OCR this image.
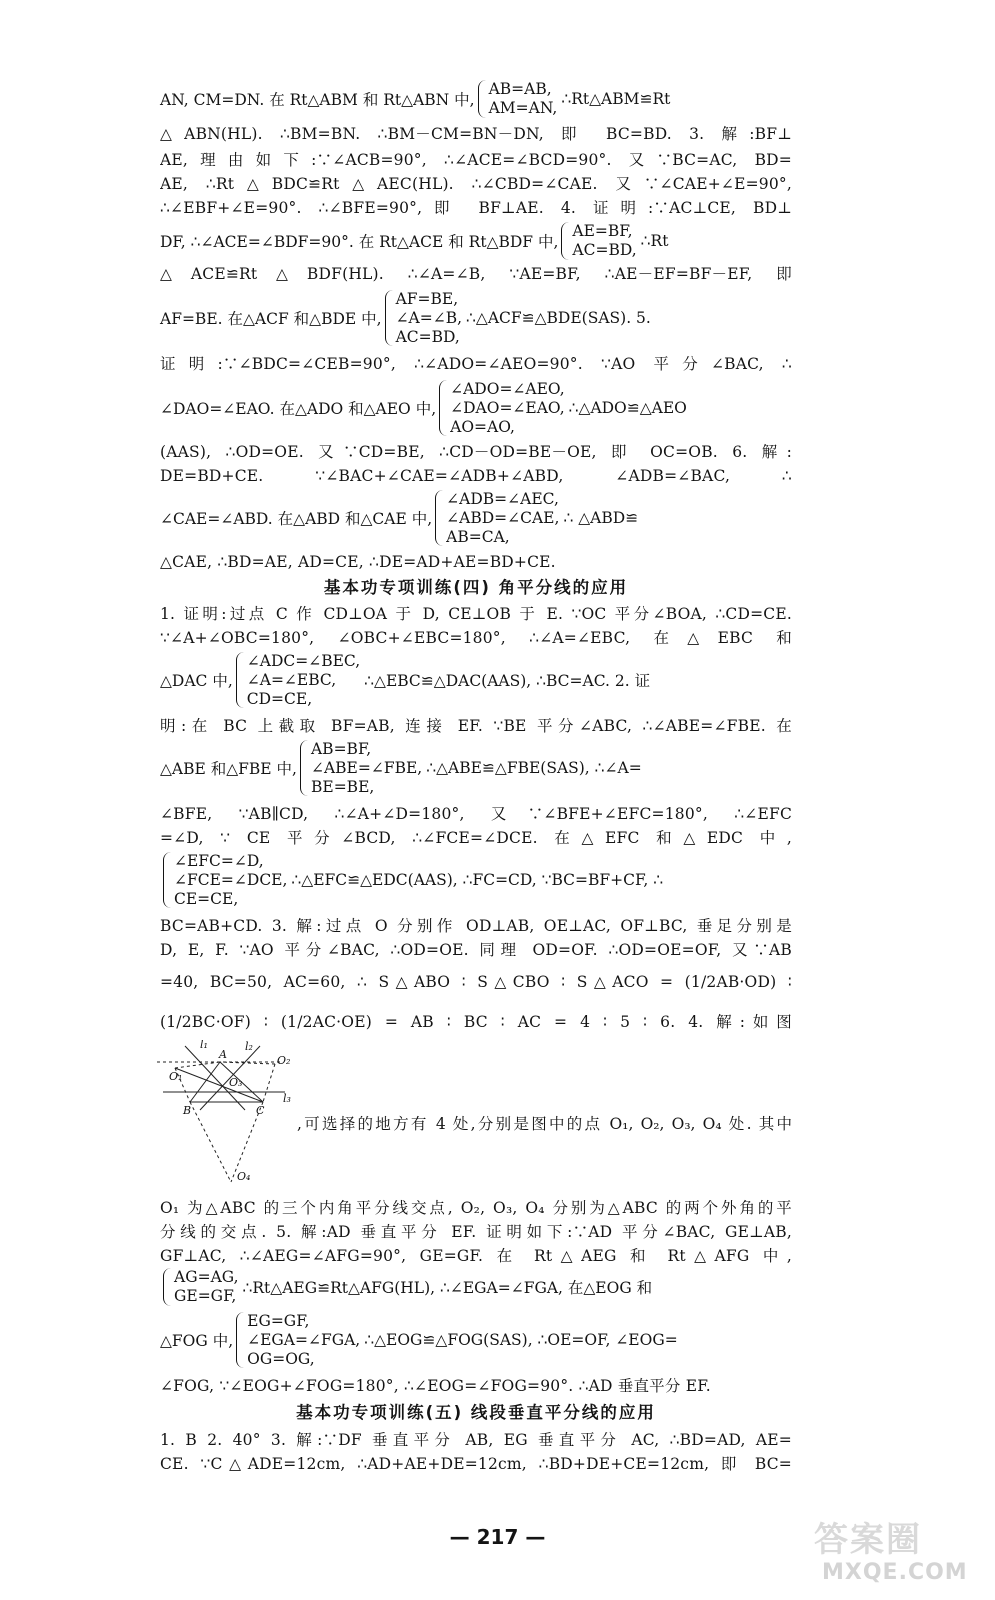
AN, CM=DN. 在 Rt△ABM 和 Rt△ABN 中,
AB=AB,
AM=AN, ∴Rt△ABM≌Rt
△ABN(HL). ∴BM=BN. ∴BM－CM=BN－DN, 即 BC=BD. 3. 解:BF⊥
AE,理由如下:∵∠ACB=90°, ∴∠ACE=∠BCD=90°. 又∵BC=AC, BD=
AE, ∴Rt△BDC≌Rt△AEC(HL). ∴∠CBD=∠CAE. 又∵∠CAE+∠E=90°,
∴∠EBF+∠E=90°. ∴∠BFE=90°,即 BF⊥AE. 4. 证明:∵AC⊥CE, BD⊥
DF, ∴∠ACE=∠BDF=90°. 在 Rt△ACE 和 Rt△BDF 中,
AE=BF,
AC=BD, ∴Rt
△ACE≌Rt△BDF(HL). ∴∠A=∠B, ∵AE=BF, ∴AE－EF=BF－EF, 即
AF=BE. 在△ACF 和△BDE 中,
AF=BE,
∠A=∠B,
AC=BD,
∴△ACF≌△BDE(SAS). 5.
证明:∵∠BDC=∠CEB=90°, ∴∠ADO=∠AEO=90°. ∵AO 平分∠BAC, ∴
∠DAO=∠EAO. 在△ADO 和△AEO 中,
∠ADO=∠AEO,
∠DAO=∠EAO,
AO=AO,
∴△ADO≌△AEO
(AAS), ∴OD=OE. 又∵CD=BE, ∴CD－OD=BE－OE, 即 OC=OB. 6. 解:
DE=BD+CE. ∵∠BAC+∠CAE=∠ADB+∠ABD, ∠ADB=∠BAC, ∴
∠CAE=∠ABD. 在△ABD 和△CAE 中,
∠ADB=∠AEC,
∠ABD=∠CAE,
AB=CA,
∴ △ABD≌
△CAE, ∴BD=AE, AD=CE, ∴DE=AD+AE=BD+CE.
基本功专项训练(四) 角平分线的应用
1. 证明:过点 C 作 CD⊥OA 于 D, CE⊥OB 于 E. ∵OC 平分∠BOA, ∴CD=CE.
∵∠A+∠OBC=180°, ∠OBC+∠EBC=180°, ∴∠A=∠EBC, 在△EBC 和
△DAC 中,
∠ADC=∠BEC,
∠A=∠EBC,
CD=CE,
∴△EBC≌△DAC(AAS), ∴BC=AC. 2. 证
明:在 BC 上截取 BF=AB, 连接 EF. ∵BE 平分∠ABC, ∴∠ABE=∠FBE. 在
△ABE 和△FBE 中,
AB=BF,
∠ABE=∠FBE,
BE=BE,
∴△ABE≌△FBE(SAS), ∴∠A=
∠BFE, ∵AB∥CD, ∴∠A+∠D=180°, 又∵∠BFE+∠EFC=180°, ∴∠EFC
=∠D, ∵ CE 平分∠BCD, ∴∠FCE=∠DCE. 在△EFC 和△EDC 中,
∠EFC=∠D,
∠FCE=∠DCE,
CE=CE,
∴△EFC≌△EDC(AAS), ∴FC=CD, ∵BC=BF+CF, ∴
BC=AB+CD. 3. 解:过点 O 分别作 OD⊥AB, OE⊥AC, OF⊥BC, 垂足分别是
D, E, F. ∵AO 平分∠BAC, ∴OD=OE. 同理 OD=OF. ∴OD=OE=OF, 又∵AB
=40, BC=50, AC=60, ∴ S△ABO ∶ S△CBO ∶ S△ACO = (1/2AB·OD) ∶
(1/2BC·OF) ∶ (1/2AC·OE) = AB ∶ BC ∶ AC = 4 ∶ 5 ∶ 6. 4. 解:如图
l₁
A
l₂
O₂
O₁	O₃
l₃
B	C
O₄
,可选择的地方有 4 处,分别是图中的点 O₁, O₂, O₃, O₄ 处. 其中
O₁ 为△ABC 的三个内角平分线交点, O₂, O₃, O₄ 分别为△ABC 的两个外角的平
分线的交点. 5. 解:AD 垂直平分 EF. 证明如下:∵AD 平分∠BAC, GE⊥AB,
GF⊥AC, ∴∠AEG=∠AFG=90°, GE=GF. 在 Rt△AEG 和 Rt△AFG 中,
AG=AG,
GE=GF, ∴Rt△AEG≌Rt△AFG(HL), ∴∠EGA=∠FGA, 在△EOG 和
△FOG 中,
EG=GF,
∠EGA=∠FGA,
OG=OG,
∴△EOG≌△FOG(SAS), ∴OE=OF, ∠EOG=
∠FOG, ∵∠EOG+∠FOG=180°, ∴∠EOG=∠FOG=90°. ∴AD 垂直平分 EF.
基本功专项训练(五) 线段垂直平分线的应用
1. B 2. 40° 3. 解:∵DF 垂直平分 AB, EG 垂直平分 AC, ∴BD=AD, AE=
CE. ∵C△ADE=12cm, ∴AD+AE+DE=12cm, ∴BD+DE+CE=12cm, 即 BC=
— 217 —	答案圈
MXQE.COM
